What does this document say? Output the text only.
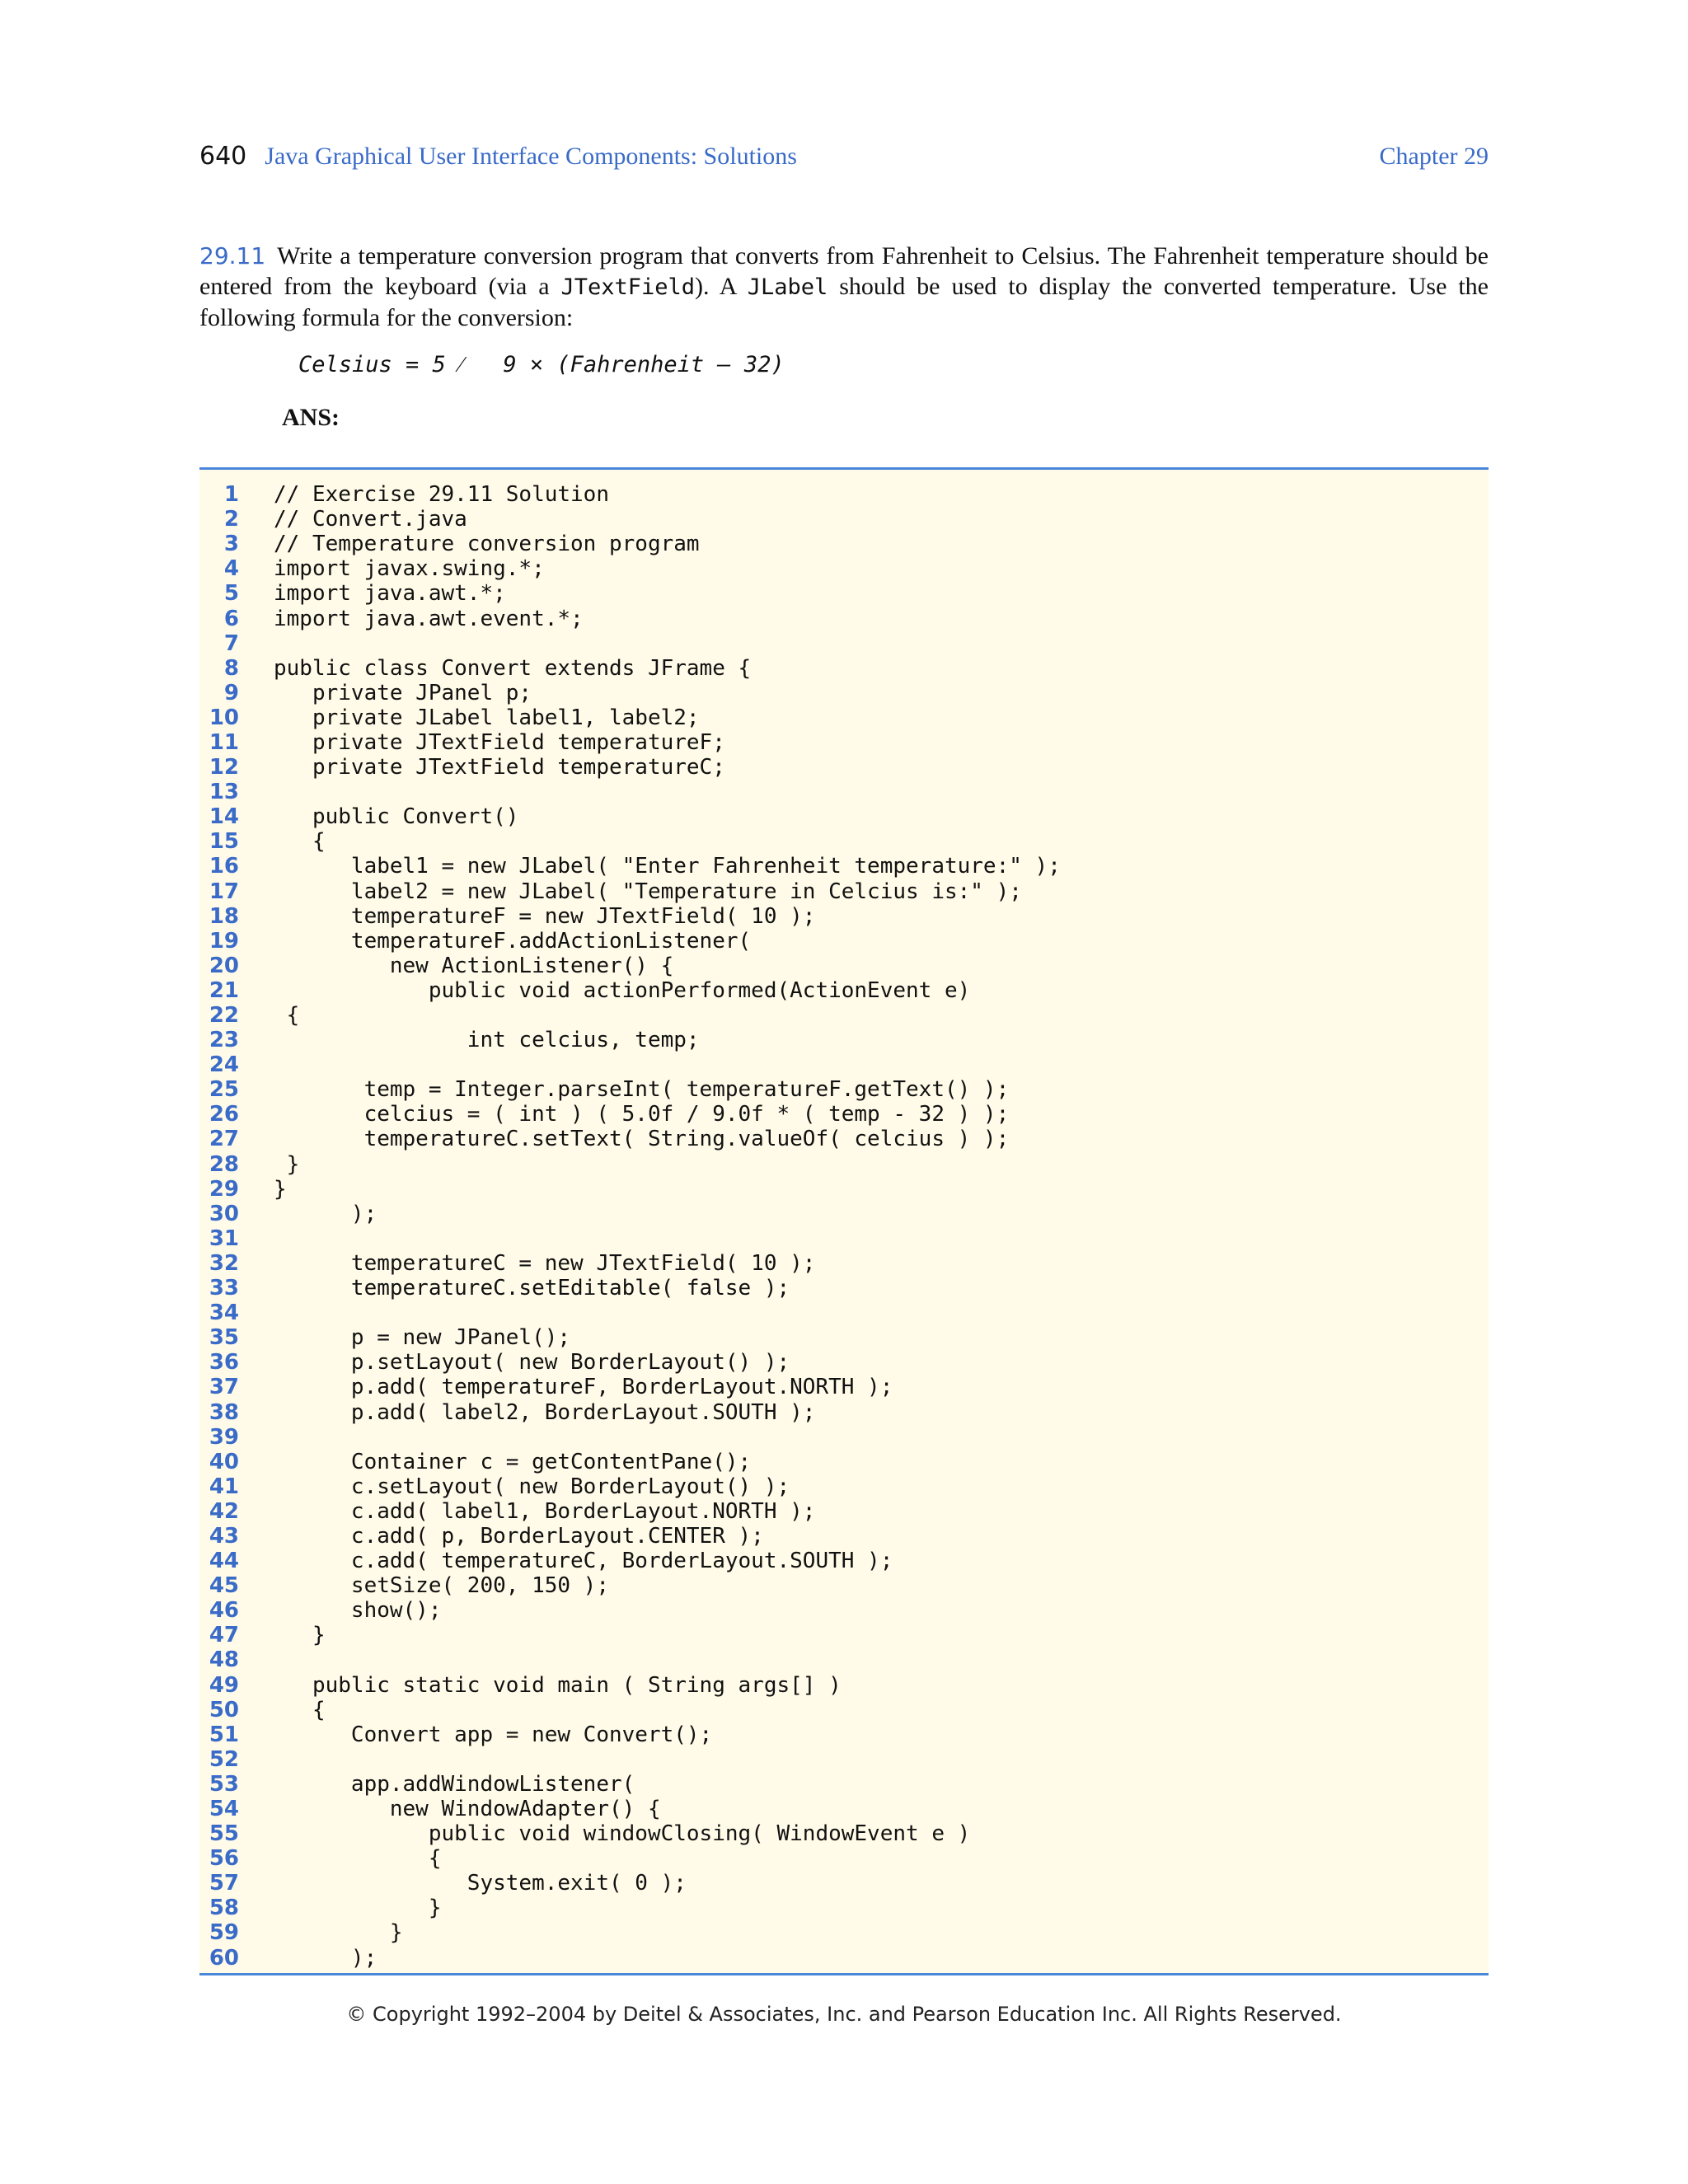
640 Java Graphical User Interface Components: Solutions	Chapter 29
29.11 Write a temperature conversion program that converts from Fahrenheit to Celsius. The Fahrenheit temperature should be entered from the keyboard (via a JTextField). A JLabel should be used to display the converted temperature. Use the following formula for the conversion:
Celsius = 5 ⁄   9 × (Fahrenheit – 32)
ANS:
1 // Exercise 29.11 Solution
2 // Convert.java
3 // Temperature conversion program
4 import javax.swing.*;
5 import java.awt.*;
6 import java.awt.event.*;
7
8 public class Convert extends JFrame {
9 private JPanel p;
10 private JLabel label1, label2;
11 private JTextField temperatureF;
12 private JTextField temperatureC;
13
14 public Convert()
15 {
16 label1 = new JLabel( "Enter Fahrenheit temperature:" );
17 label2 = new JLabel( "Temperature in Celcius is:" );
18 temperatureF = new JTextField( 10 );
19 temperatureF.addActionListener(
20 new ActionListener() {
21 public void actionPerformed(ActionEvent e)
22 {
23 int celcius, temp;
24
25 temp = Integer.parseInt( temperatureF.getText() );
26 celcius = ( int ) ( 5.0f / 9.0f * ( temp - 32 ) );
27 temperatureC.setText( String.valueOf( celcius ) );
28 }
29 }
30 );
31
32 temperatureC = new JTextField( 10 );
33 temperatureC.setEditable( false );
34
35 p = new JPanel();
36 p.setLayout( new BorderLayout() );
37 p.add( temperatureF, BorderLayout.NORTH );
38 p.add( label2, BorderLayout.SOUTH );
39
40 Container c = getContentPane();
41 c.setLayout( new BorderLayout() );
42 c.add( label1, BorderLayout.NORTH );
43 c.add( p, BorderLayout.CENTER );
44 c.add( temperatureC, BorderLayout.SOUTH );
45 setSize( 200, 150 );
46 show();
47 }
48
49 public static void main ( String args[] )
50 {
51 Convert app = new Convert();
52
53 app.addWindowListener(
54 new WindowAdapter() {
55 public void windowClosing( WindowEvent e )
56 {
57 System.exit( 0 );
58 }
59 }
60 );
© Copyright 1992–2004 by Deitel & Associates, Inc. and Pearson Education Inc. All Rights Reserved.
